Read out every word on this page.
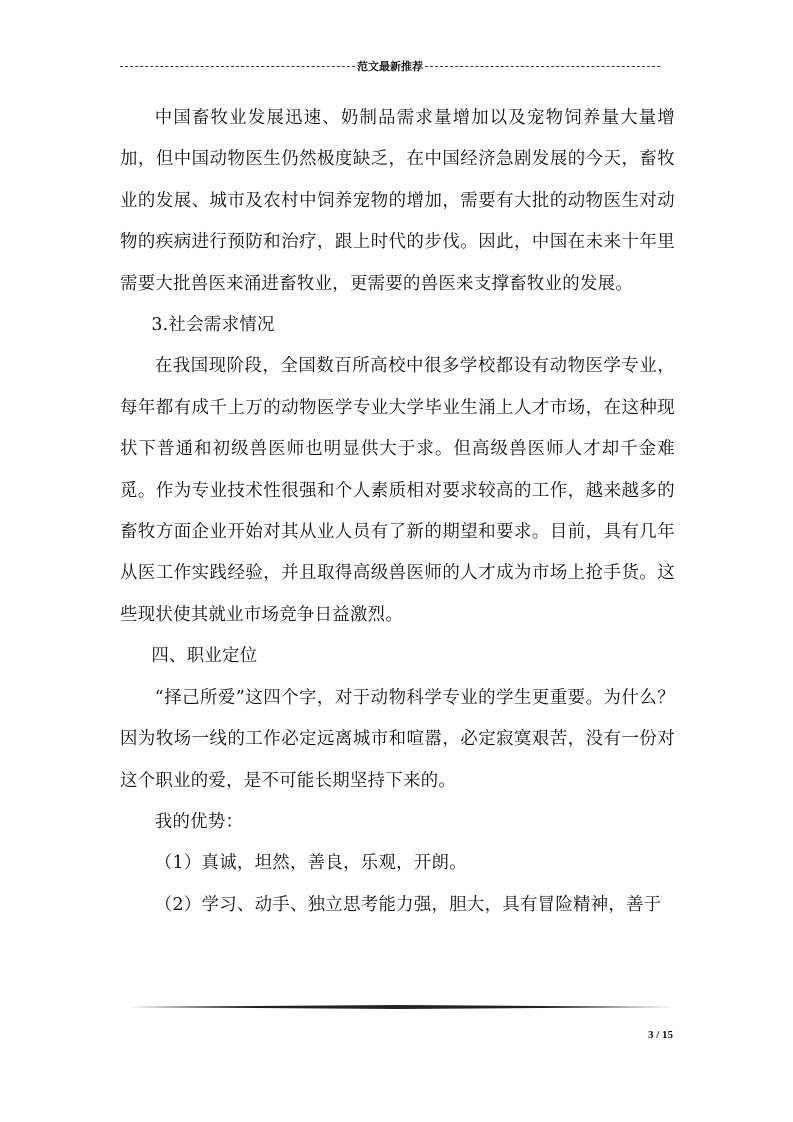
范文最新推荐

中国畜牧业发展迅速、奶制品需求量增加以及宠物饲养量大量增加，但中国动物医生仍然极度缺乏，在中国经济急剧发展的今天，畜牧业的发展、城市及农村中饲养宠物的增加，需要有大批的动物医生对动物的疾病进行预防和治疗，跟上时代的步伐。因此，中国在未来十年里需要大批兽医来涌进畜牧业，更需要的兽医来支撑畜牧业的发展。

3.社会需求情况

在我国现阶段，全国数百所高校中很多学校都设有动物医学专业，每年都有成千上万的动物医学专业大学毕业生涌上人才市场，在这种现状下普通和初级兽医师也明显供大于求。但高级兽医师人才却千金难觅。作为专业技术性很强和个人素质相对要求较高的工作，越来越多的畜牧方面企业开始对其从业人员有了新的期望和要求。目前，具有几年从医工作实践经验，并且取得高级兽医师的人才成为市场上抢手货。这些现状使其就业市场竞争日益激烈。

四、职业定位

“择己所爱”这四个字，对于动物科学专业的学生更重要。为什么？因为牧场一线的工作必定远离城市和喧嚣，必定寂寞艰苦，没有一份对这个职业的爱，是不可能长期坚持下来的。

我的优势：

（1）真诚，坦然，善良，乐观，开朗。

（2）学习、动手、独立思考能力强，胆大，具有冒险精神，善于

3 / 15
